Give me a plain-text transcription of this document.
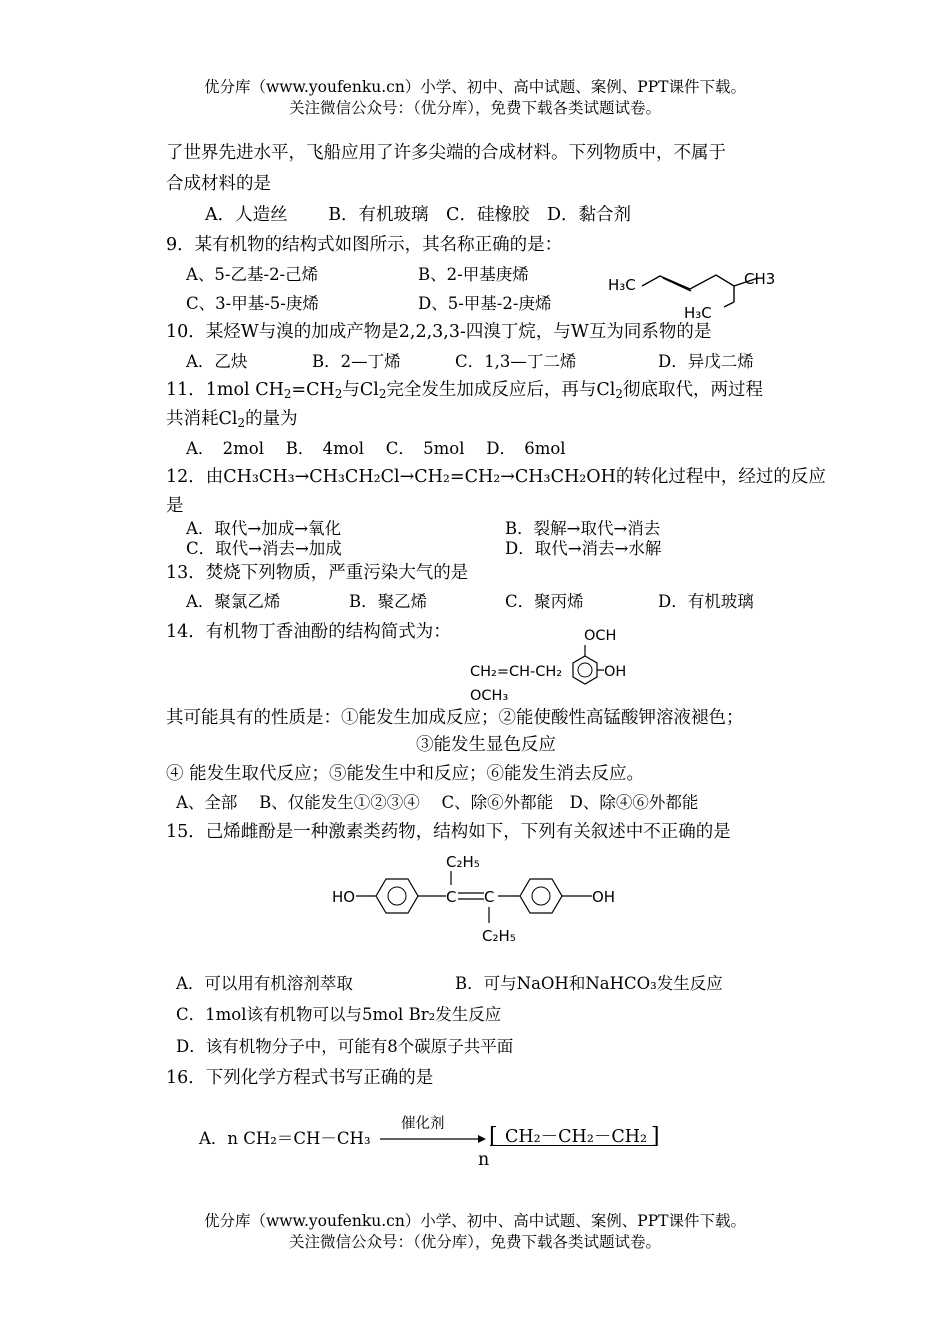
优分库（www.youfenku.cn）小学、初中、高中试题、案例、PPT课件下载。
关注微信公众号：（优分库），免费下载各类试题试卷。
了世界先进水平，飞船应用了许多尖端的合成材料。下列物质中，不属于
合成材料的是
A．人造丝　　 B．有机玻璃　C．硅橡胶　D．黏合剂
9．某有机物的结构式如图所示，其名称正确的是：
A、5-乙基-2-己烯	B、2-甲基庚烯
C、3-甲基-5-庚烯	D、5-甲基-2-庚烯
H₃C	CH3
H₃C
10．某烃W与溴的加成产物是2,2,3,3-四溴丁烷，与W互为同系物的是
A．乙炔	B．2—丁烯	C．1,3—丁二烯	D．异戊二烯
11．1mol $CH_2=CH_2$与$Cl_2$完全发生加成反应后，再与$Cl_2$彻底取代，两过程
共消耗$Cl_2$的量为
A．　2mol　 B．　4mol　 C．　5mol　 D．　6mol
12．由CH₃CH₃→CH₃CH₂Cl→CH₂=CH₂→CH₃CH₂OH的转化过程中，经过的反应
是
A．取代→加成→氧化	B．裂解→取代→消去
C．取代→消去→加成	D．取代→消去→水解
13．焚烧下列物质，严重污染大气的是
A．聚氯乙烯	B．聚乙烯	C．聚丙烯	D．有机玻璃
14．有机物丁香油酚的结构简式为：	OCH
CH₂=CH-CH₂	OH
OCH₃
其可能具有的性质是：①能发生加成反应；②能使酸性高锰酸钾溶液褪色；
③能发生显色反应
④ 能发生取代反应；⑤能发生中和反应；⑥能发生消去反应。
A、全部　 B、仅能发生①②③④　 C、除⑥外都能　D、除④⑥外都能
15．己烯雌酚是一种激素类药物，结构如下，下列有关叙述中不正确的是
HO	C C
C₂H₅
C₂H₅
OH
A．可以用有机溶剂萃取	B．可与NaOH和NaHCO₃发生反应
C．1mol该有机物可以与5mol Br₂发生反应
D．该有机物分子中，可能有8个碳原子共平面
16．下列化学方程式书写正确的是
A．n CH₂＝CH－CH₃
催化剂 [ CH₂－CH₂－CH₂ ]
n
优分库（www.youfenku.cn）小学、初中、高中试题、案例、PPT课件下载。
关注微信公众号：（优分库），免费下载各类试题试卷。
